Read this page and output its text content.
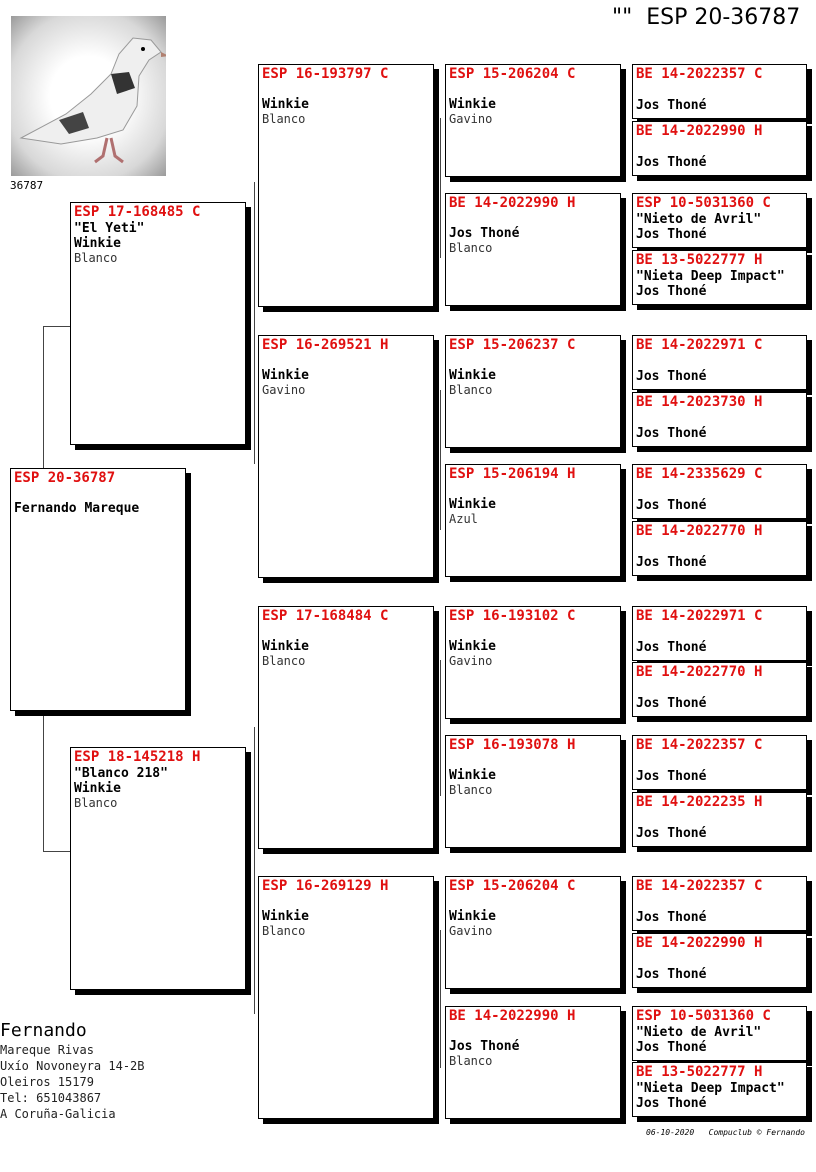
"" ESP 20-36787
36787
ESP 20-36787
Fernando Mareque
ESP 17-168485 C
"El Yeti"
Winkie
Blanco
ESP 18-145218 H
"Blanco 218"
Winkie
Blanco
ESP 16-193797 C
Winkie
Blanco
ESP 16-269521 H
Winkie
Gavino
ESP 17-168484 C
Winkie
Blanco
ESP 16-269129 H
Winkie
Blanco
ESP 15-206204 C
Winkie
Gavino
BE 14-2022990 H
Jos Thoné
Blanco
ESP 15-206237 C
Winkie
Blanco
ESP 15-206194 H
Winkie
Azul
ESP 16-193102 C
Winkie
Gavino
ESP 16-193078 H
Winkie
Blanco
ESP 15-206204 C
Winkie
Gavino
BE 14-2022990 H
Jos Thoné
Blanco
BE 14-2022357 C
Jos Thoné
BE 14-2022990 H
Jos Thoné
ESP 10-5031360 C
"Nieto de Avril"
Jos Thoné
BE 13-5022777 H
"Nieta Deep Impact"
Jos Thoné
BE 14-2022971 C
Jos Thoné
BE 14-2023730 H
Jos Thoné
BE 14-2335629 C
Jos Thoné
BE 14-2022770 H
Jos Thoné
BE 14-2022971 C
Jos Thoné
BE 14-2022770 H
Jos Thoné
BE 14-2022357 C
Jos Thoné
BE 14-2022235 H
Jos Thoné
BE 14-2022357 C
Jos Thoné
BE 14-2022990 H
Jos Thoné
ESP 10-5031360 C
"Nieto de Avril"
Jos Thoné
BE 13-5022777 H
"Nieta Deep Impact"
Jos Thoné
Fernando
Mareque Rivas
Uxío Novoneyra 14-2B
Oleiros 15179
Tel: 651043867
A Coruña-Galicia
06-10-2020 Compuclub © Fernando
